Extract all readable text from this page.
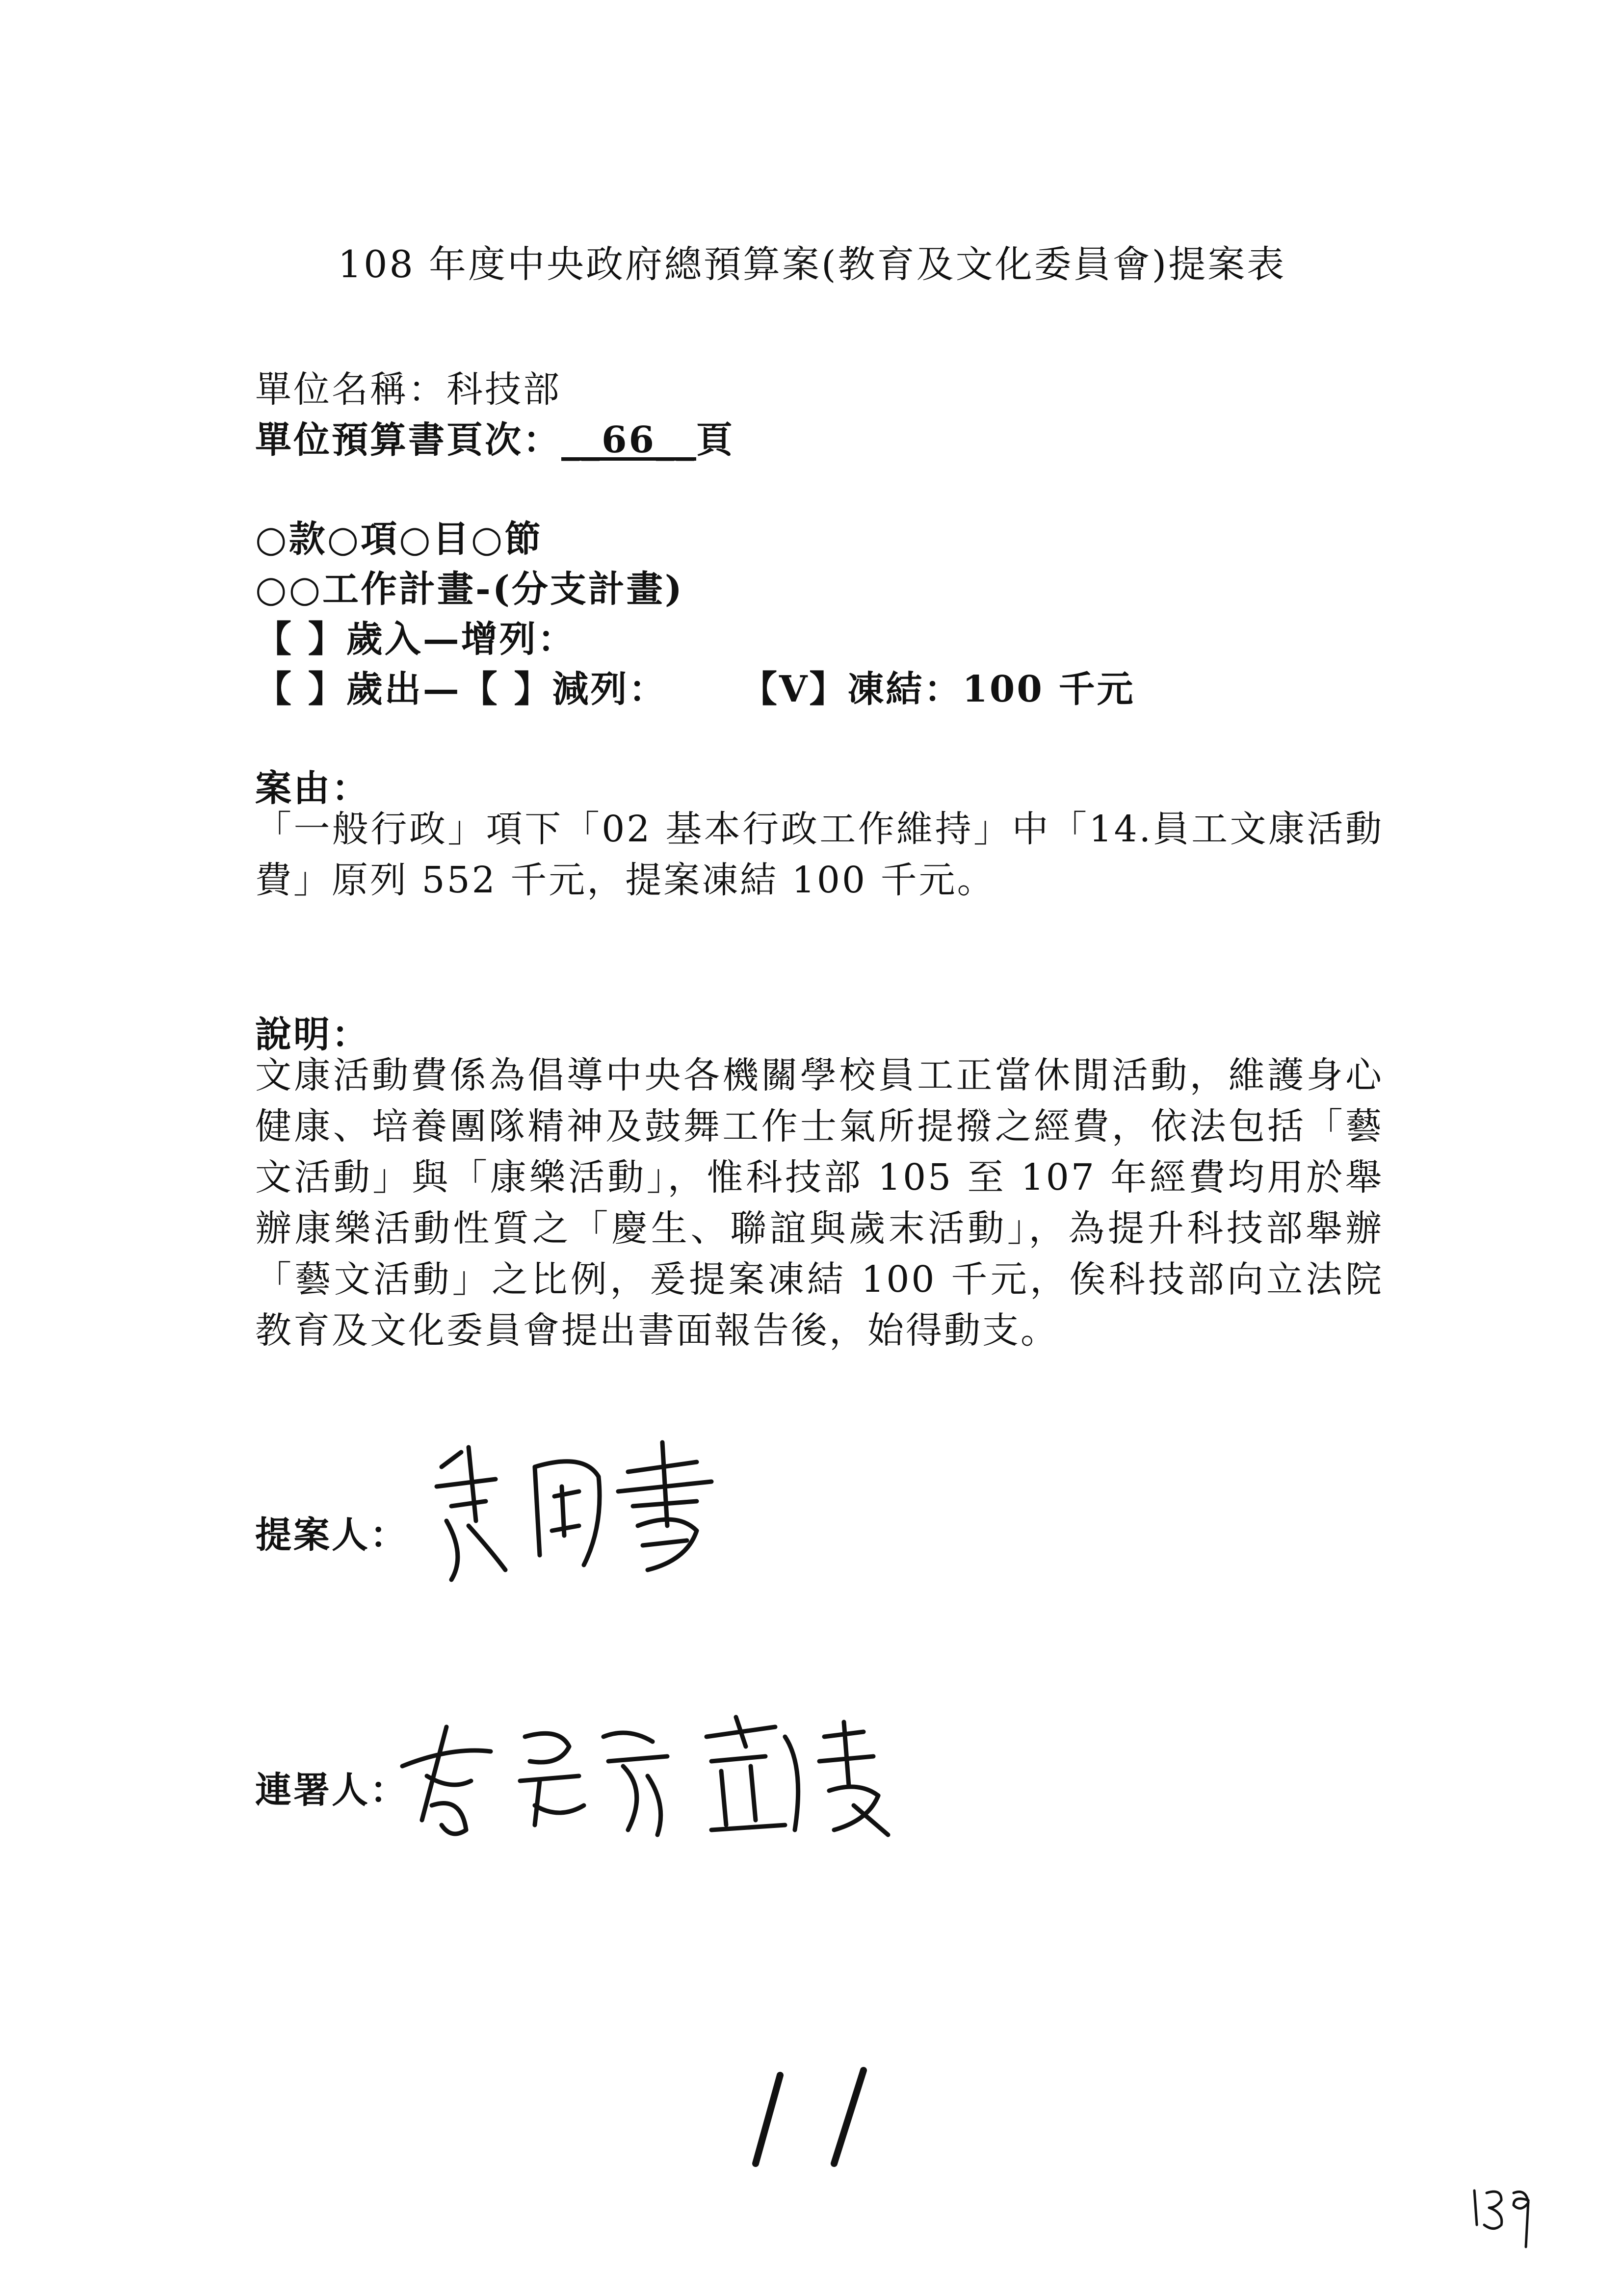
108 年度中央政府總預算案(教育及文化委員會)提案表
單位名稱：科技部
單位預算書頁次：__66__頁
○款○項○目○節
○○工作計畫-(分支計畫)
【 】歲入—增列：
【 】歲出—【 】減列： 【V】凍結：100 千元
案由：
「一般行政」項下「02 基本行政工作維持」中「14.員工文康活動費」原列 552 千元，提案凍結 100 千元。
說明：
文康活動費係為倡導中央各機關學校員工正當休閒活動，維護身心健康、培養團隊精神及鼓舞工作士氣所提撥之經費，依法包括「藝文活動」與「康樂活動」，惟科技部 105 至 107 年經費均用於舉辦康樂活動性質之「慶生、聯誼與歲末活動」，為提升科技部舉辦「藝文活動」之比例，爰提案凍結 100 千元，俟科技部向立法院教育及文化委員會提出書面報告後，始得動支。
提案人：
連署人：
